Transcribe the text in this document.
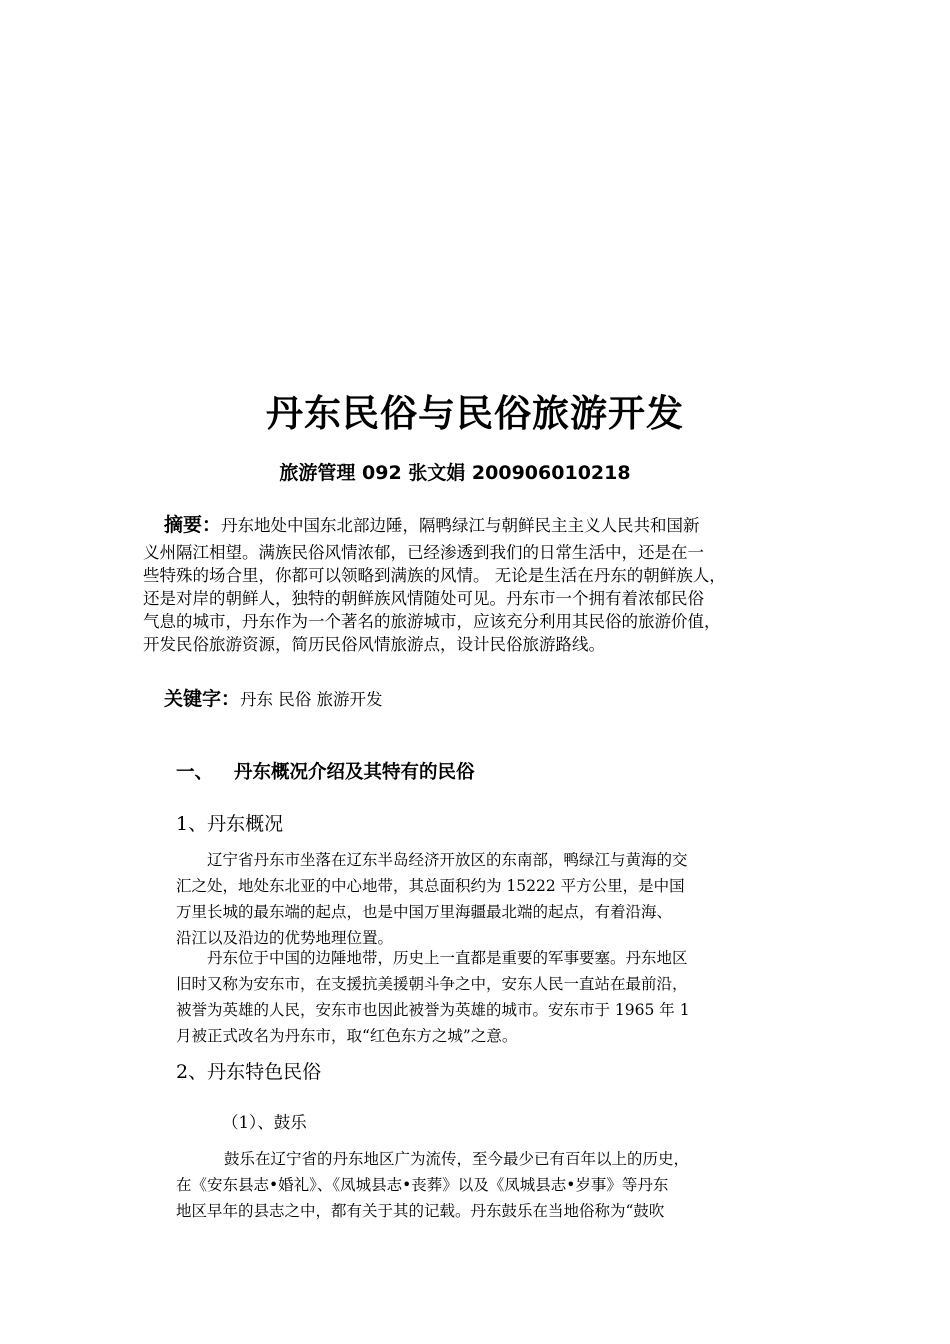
丹东民俗与民俗旅游开发
旅游管理 092 张文娟 200906010218
摘要：丹东地处中国东北部边陲，隔鸭绿江与朝鲜民主主义人民共和国新
义州隔江相望。满族民俗风情浓郁，已经渗透到我们的日常生活中，还是在一
些特殊的场合里，你都可以领略到满族的风情。 无论是生活在丹东的朝鲜族人，
还是对岸的朝鲜人，独特的朝鲜族风情随处可见。丹东市一个拥有着浓郁民俗
气息的城市，丹东作为一个著名的旅游城市，应该充分利用其民俗的旅游价值，
开发民俗旅游资源，简历民俗风情旅游点，设计民俗旅游路线。
关键字：丹东 民俗 旅游开发
一、 丹东概况介绍及其特有的民俗
1、丹东概况
辽宁省丹东市坐落在辽东半岛经济开放区的东南部，鸭绿江与黄海的交
汇之处，地处东北亚的中心地带，其总面积约为 15222 平方公里，是中国
万里长城的最东端的起点，也是中国万里海疆最北端的起点，有着沿海、
沿江以及沿边的优势地理位置。
丹东位于中国的边陲地带，历史上一直都是重要的军事要塞。丹东地区
旧时又称为安东市，在支援抗美援朝斗争之中，安东人民一直站在最前沿，
被誉为英雄的人民，安东市也因此被誉为英雄的城市。安东市于 1965 年 1
月被正式改名为丹东市，取“红色东方之城”之意。
2、丹东特色民俗
（1）、鼓乐
鼓乐在辽宁省的丹东地区广为流传，至今最少已有百年以上的历史，
在《安东县志•婚礼》、《凤城县志•丧葬》以及《凤城县志•岁事》等丹东
地区早年的县志之中，都有关于其的记载。丹东鼓乐在当地俗称为“鼓吹
